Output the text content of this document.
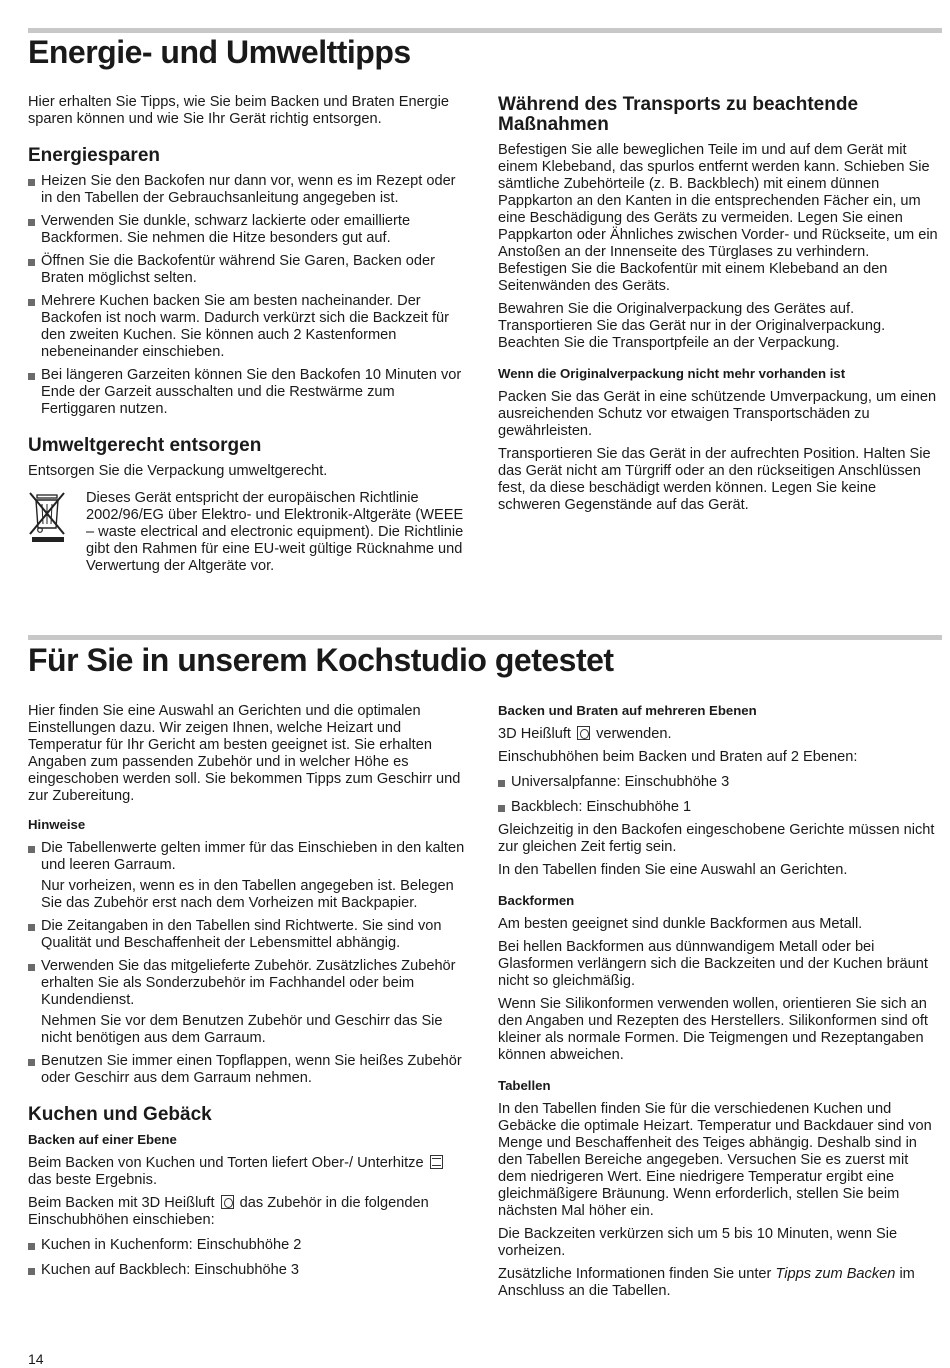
Energie- und Umwelttipps

Hier erhalten Sie Tipps, wie Sie beim Backen und Braten Energie sparen können und wie Sie Ihr Gerät richtig entsorgen.

Energiesparen
Heizen Sie den Backofen nur dann vor, wenn es im Rezept oder in den Tabellen der Gebrauchsanleitung angegeben ist.
Verwenden Sie dunkle, schwarz lackierte oder emaillierte Backformen. Sie nehmen die Hitze besonders gut auf.
Öffnen Sie die Backofentür während Sie Garen, Backen oder Braten möglichst selten.
Mehrere Kuchen backen Sie am besten nacheinander. Der Backofen ist noch warm. Dadurch verkürzt sich die Backzeit für den zweiten Kuchen. Sie können auch 2 Kastenformen nebeneinander einschieben.
Bei längeren Garzeiten können Sie den Backofen 10 Minuten vor Ende der Garzeit ausschalten und die Restwärme zum Fertiggaren nutzen.
Umweltgerecht entsorgen

Entsorgen Sie die Verpackung umweltgerecht.

Dieses Gerät entspricht der europäischen Richtlinie 2002/96/EG über Elektro- und Elektronik-Altgeräte (WEEE – waste electrical and electronic equipment). Die Richtlinie gibt den Rahmen für eine EU-weit gültige Rücknahme und Verwertung der Altgeräte vor.

Während des Transports zu beachtende Maßnahmen

Befestigen Sie alle beweglichen Teile im und auf dem Gerät mit einem Klebeband, das spurlos entfernt werden kann. Schieben Sie sämtliche Zubehörteile (z. B. Backblech) mit einem dünnen Pappkarton an den Kanten in die entsprechenden Fächer ein, um eine Beschädigung des Geräts zu vermeiden. Legen Sie einen Pappkarton oder Ähnliches zwischen Vorder- und Rückseite, um ein Anstoßen an der Innenseite des Türglases zu verhindern. Befestigen Sie die Backofentür mit einem Klebeband an den Seitenwänden des Geräts.

Bewahren Sie die Originalverpackung des Gerätes auf. Transportieren Sie das Gerät nur in der Originalverpackung. Beachten Sie die Transportpfeile an der Verpackung.

Wenn die Originalverpackung nicht mehr vorhanden ist

Packen Sie das Gerät in eine schützende Umverpackung, um einen ausreichenden Schutz vor etwaigen Transportschäden zu gewährleisten.

Transportieren Sie das Gerät in der aufrechten Position. Halten Sie das Gerät nicht am Türgriff oder an den rückseitigen Anschlüssen fest, da diese beschädigt werden können. Legen Sie keine schweren Gegenstände auf das Gerät.

Für Sie in unserem Kochstudio getestet

Hier finden Sie eine Auswahl an Gerichten und die optimalen Einstellungen dazu. Wir zeigen Ihnen, welche Heizart und Temperatur für Ihr Gericht am besten geeignet ist. Sie erhalten Angaben zum passenden Zubehör und in welcher Höhe es eingeschoben werden soll. Sie bekommen Tipps zum Geschirr und zur Zubereitung.

Hinweise
Die Tabellenwerte gelten immer für das Einschieben in den kalten und leeren Garraum.
Nur vorheizen, wenn es in den Tabellen angegeben ist. Belegen Sie das Zubehör erst nach dem Vorheizen mit Backpapier.
Die Zeitangaben in den Tabellen sind Richtwerte. Sie sind von Qualität und Beschaffenheit der Lebensmittel abhängig.
Verwenden Sie das mitgelieferte Zubehör. Zusätzliches Zubehör erhalten Sie als Sonderzubehör im Fachhandel oder beim Kundendienst.
Nehmen Sie vor dem Benutzen Zubehör und Geschirr das Sie nicht benötigen aus dem Garraum.
Benutzen Sie immer einen Topflappen, wenn Sie heißes Zubehör oder Geschirr aus dem Garraum nehmen.
Kuchen und Gebäck
Backen auf einer Ebene

Beim Backen von Kuchen und Torten liefert Ober-/ Unterhitze  das beste Ergebnis.

Beim Backen mit 3D Heißluft das Zubehör in die folgenden Einschubhöhen einschieben:

Kuchen in Kuchenform: Einschubhöhe 2
Kuchen auf Backblech: Einschubhöhe 3
Backen und Braten auf mehreren Ebenen

3D Heißluft verwenden.

Einschubhöhen beim Backen und Braten auf 2 Ebenen:

Universalpfanne: Einschubhöhe 3
Backblech: Einschubhöhe 1

Gleichzeitig in den Backofen eingeschobene Gerichte müssen nicht zur gleichen Zeit fertig sein.

In den Tabellen finden Sie eine Auswahl an Gerichten.

Backformen

Am besten geeignet sind dunkle Backformen aus Metall.

Bei hellen Backformen aus dünnwandigem Metall oder bei Glasformen verlängern sich die Backzeiten und der Kuchen bräunt nicht so gleichmäßig.

Wenn Sie Silikonformen verwenden wollen, orientieren Sie sich an den Angaben und Rezepten des Herstellers. Silikonformen sind oft kleiner als normale Formen. Die Teigmengen und Rezeptangaben können abweichen.

Tabellen

In den Tabellen finden Sie für die verschiedenen Kuchen und Gebäcke die optimale Heizart. Temperatur und Backdauer sind von Menge und Beschaffenheit des Teiges abhängig. Deshalb sind in den Tabellen Bereiche angegeben. Versuchen Sie es zuerst mit dem niedrigeren Wert. Eine niedrigere Temperatur ergibt eine gleichmäßigere Bräunung. Wenn erforderlich, stellen Sie beim nächsten Mal höher ein.

Die Backzeiten verkürzen sich um 5 bis 10 Minuten, wenn Sie vorheizen.

Zusätzliche Informationen finden Sie unter Tipps zum Backen im Anschluss an die Tabellen.

14
